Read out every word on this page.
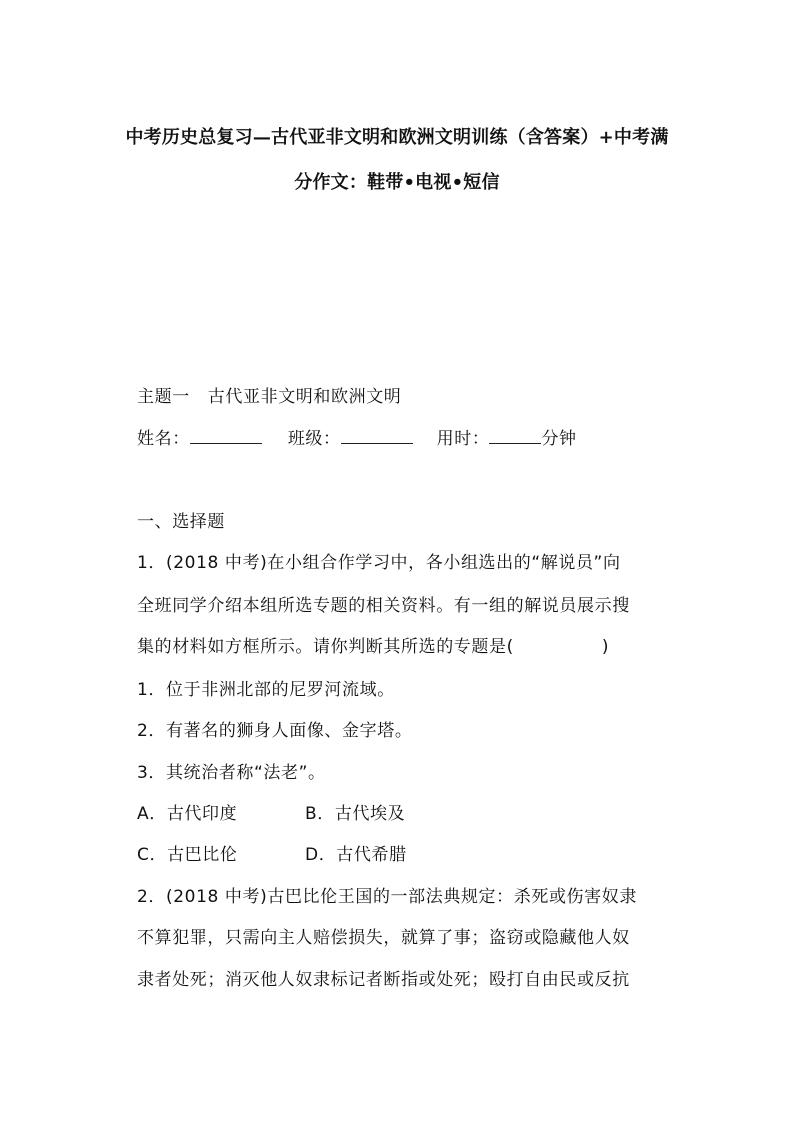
中考历史总复习—古代亚非文明和欧洲文明训练（含答案）+中考满
分作文：鞋带•电视•短信
主题一   古代亚非文明和欧洲文明
姓名：	班级：	用时：	分钟
一、选择题
1．(2018 中考)在小组合作学习中，各小组选出的“解说员”向
全班同学介绍本组所选专题的相关资料。有一组的解说员展示搜
集的材料如方框所示。请你判断其所选的专题是(　　　　　)
1．位于非洲北部的尼罗河流域。
2．有著名的狮身人面像、金字塔。
3．其统治者称“法老”。
A．古代印度	B．古代埃及
C．古巴比伦	D．古代希腊
2．(2018 中考)古巴比伦王国的一部法典规定：杀死或伤害奴隶
不算犯罪，只需向主人赔偿损失，就算了事；盗窃或隐藏他人奴
隶者处死；消灭他人奴隶标记者断指或处死；殴打自由民或反抗
